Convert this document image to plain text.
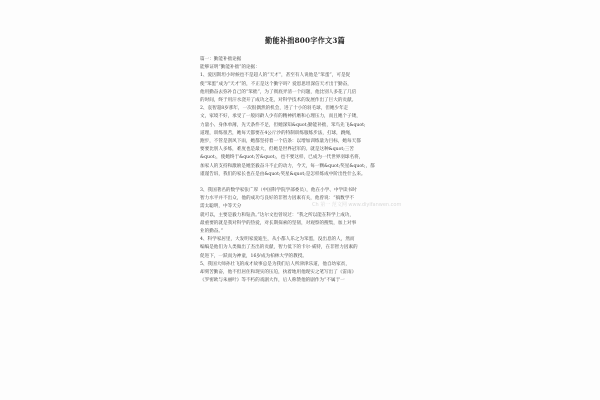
勤能补拙800字作文3篇
篇一：勤能补拙论据
能够证明“勤能补拙”的论据：
1、爱因斯坦小时候也不是超人的“天才”，甚至有人说他是“笨蛋”，可是促
使“笨蛋”成为“天才”的，不正是这个勤字吗？爱恩思坦深信天才出于勤奋，
他用勤奋去弥补自己的“笨拙”，为了彻底弄清一个问题，他比别人多花了几倍
的时间，终于用汗水浇开了成功之花，对科学技术的发展作出了巨大的贡献。
2、袁智超8岁那年，一次很偶然的机会，进了十小的羽毛球，但她少年走
文，家境不好，承受了一般同龄人少有的精神折磨和心理压力，而且她个子矮，
力量小、身体单薄，先天条件不足，但她深知&quot;勤能补拙，笨鸟先飞&quot;
道理，训练很苦，她每天都要在4公斤沙的特制训练服练步法，打球，跳绳，
跑步，不管是刮风下雨，她都坚持着一个信条：以增加训练量为目标，她每天都
要要比别人多练，难度也是最大，但她是世界冠军的。就是这种&quot;三苦
&quot;，使她终于&quot;苦&quot;，也不要这样，已成为一代世界羽球名将，
加家人的支持和激励是她坚毅奋斗不止的动力，今天，每一颗&quot;奖星&quot;，都
谨谨告诉，我们的家长也在是由&quot;奖星&quot;是怎样炼成中阶出性什么来。
3、我国著名的数学家张广厚（中国科学院学部委员），他在小学、中学读书时
智力水平并不出众，他的成功与良好的非智力因素有关，他曾说：“搞数学不
需太聪明，中等天分
就可以，主要是毅力和钻劲。”达尔文也曾说过：“我之所以能在科学上成功，
最重要的就是我对科学的热爱，对长期探索的坚韧，对观察的搜集，加上对事
业的勤奋。”
4、科学家居里，大发明家爱迪生，从小都人乐之为笨蛋，没出息的人，然而
编编是他们为人类做出了杰出的贡献，智力低下的卡尔·威特，在非智力因素的
促进下，一跃而为神童，16岁成为柏林大学的教授。
5、我国大师孙壮飞的成才故事总是为我们后人所津津乐道，他自幼家贫，
却刻苦勤奋，他不但居住和现实的压迫，执着地用他现实之笔写出了《雷雨》
《罗密欧与朱丽叶》等不朽的戏剧大作，后人称赞他的剧作为“不属于一
Ch 第一 范文网 www.diyifanwen.com
